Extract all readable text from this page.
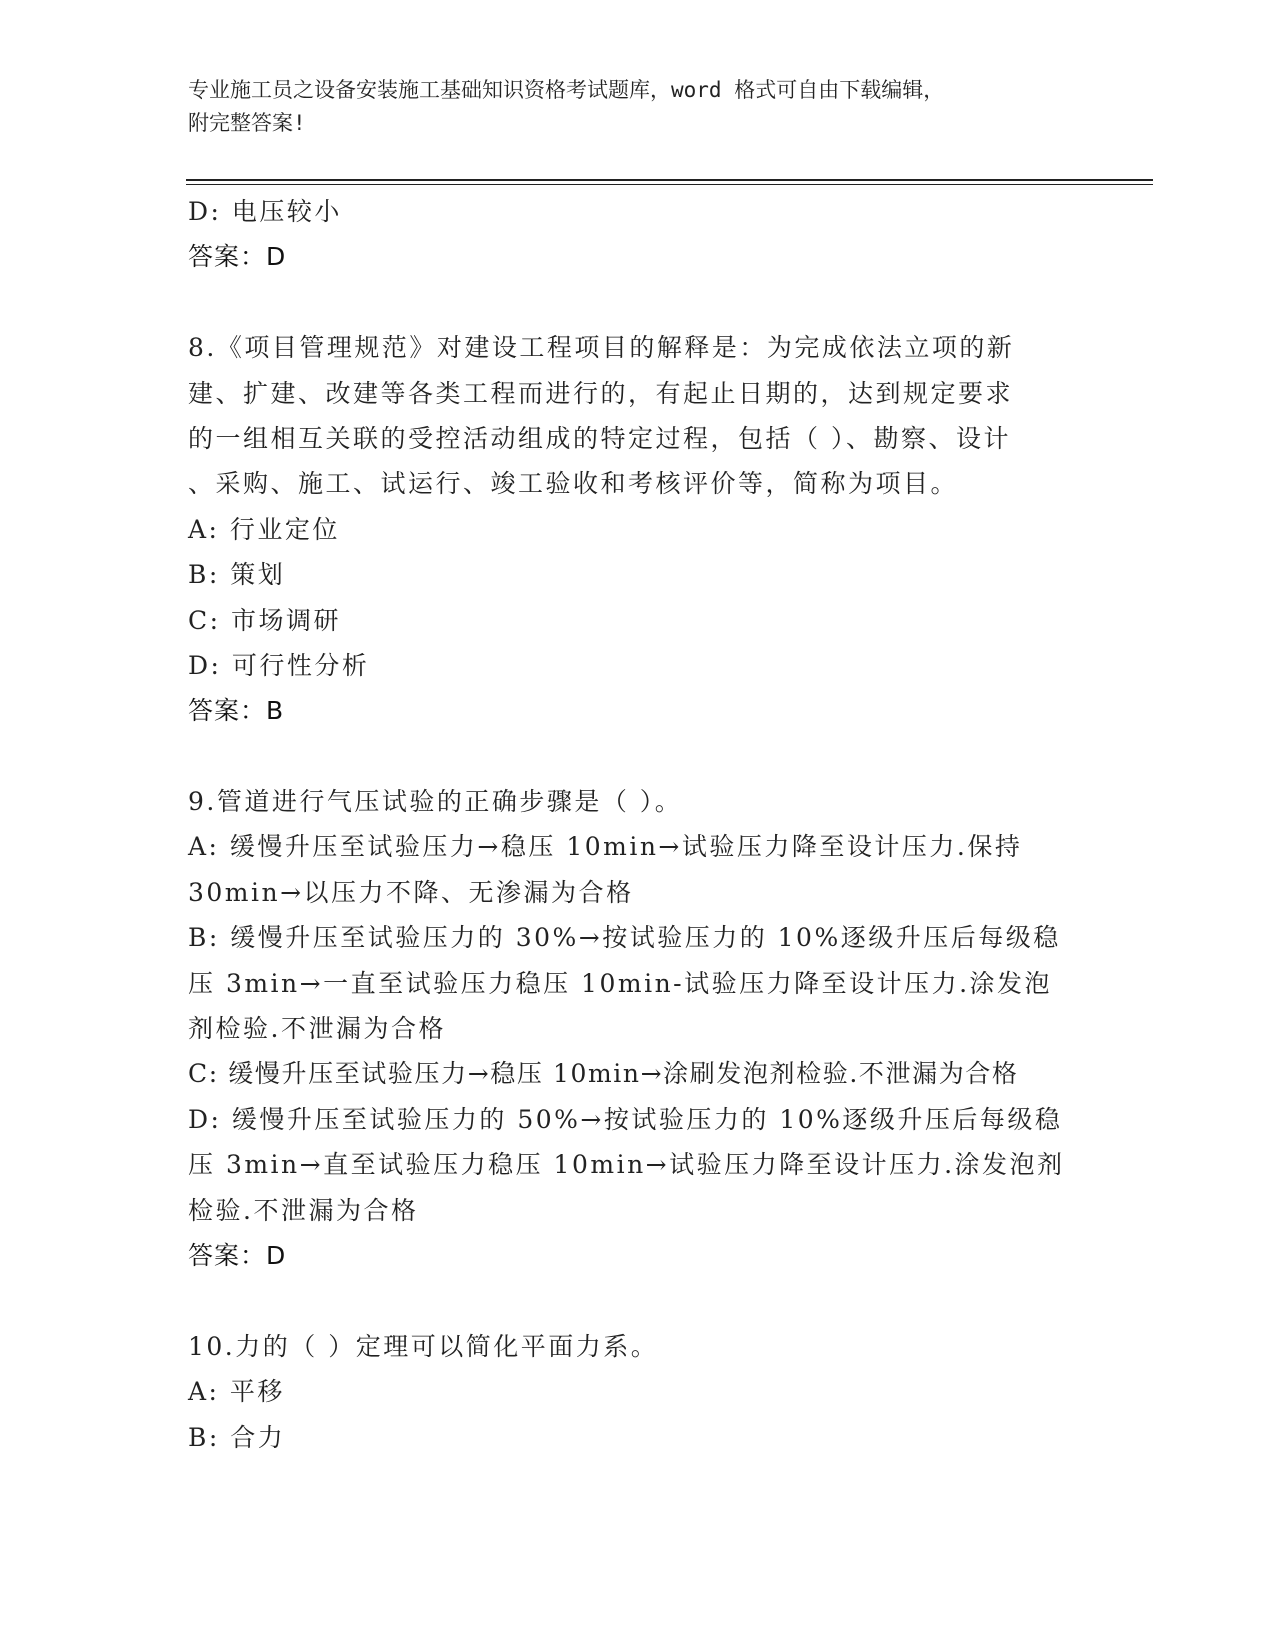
专业施工员之设备安装施工基础知识资格考试题库，word 格式可自由下载编辑，
附完整答案!
D: 电压较小
答案：D
8.《项目管理规范》对建设工程项目的解释是：为完成依法立项的新
建、扩建、改建等各类工程而进行的，有起止日期的，达到规定要求
的一组相互关联的受控活动组成的特定过程，包括（ ）、勘察、设计
、采购、施工、试运行、竣工验收和考核评价等，简称为项目。
A: 行业定位
B: 策划
C: 市场调研
D: 可行性分析
答案：B
9.管道进行气压试验的正确步骤是（ ）。
A: 缓慢升压至试验压力→稳压 10min→试验压力降至设计压力.保持
30min→以压力不降、无渗漏为合格
B: 缓慢升压至试验压力的 30%→按试验压力的 10%逐级升压后每级稳
压 3min→一直至试验压力稳压 10min-试验压力降至设计压力.涂发泡
剂检验.不泄漏为合格
C: 缓慢升压至试验压力→稳压 10min→涂刷发泡剂检验.不泄漏为合格
D: 缓慢升压至试验压力的 50%→按试验压力的 10%逐级升压后每级稳
压 3min→直至试验压力稳压 10min→试验压力降至设计压力.涂发泡剂
检验.不泄漏为合格
答案：D
10.力的（ ）定理可以简化平面力系。
A: 平移
B: 合力
